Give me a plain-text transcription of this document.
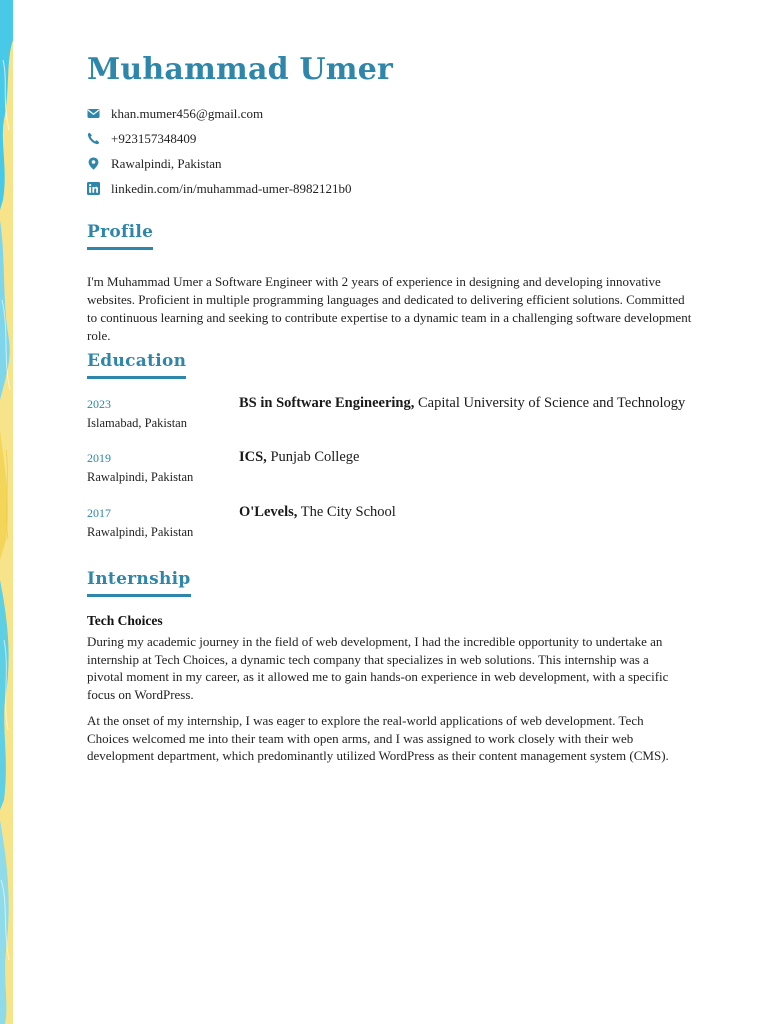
Muhammad Umer
khan.mumer456@gmail.com
+923157348409
Rawalpindi, Pakistan
linkedin.com/in/muhammad-umer-8982121b0
Profile

I'm Muhammad Umer a Software Engineer with 2 years of experience in designing and developing innovative websites. Proficient in multiple programming languages and dedicated to delivering efficient solutions. Committed to continuous learning and seeking to contribute expertise to a dynamic team in a challenging software development role.

Education
2023
Islamabad, Pakistan
BS in Software Engineering, Capital University of Science and Technology
2019
Rawalpindi, Pakistan
ICS, Punjab College
2017
Rawalpindi, Pakistan
O'Levels, The City School
Internship
Tech Choices

During my academic journey in the field of web development, I had the incredible opportunity to undertake an internship at Tech Choices, a dynamic tech company that specializes in web solutions. This internship was a pivotal moment in my career, as it allowed me to gain hands-on experience in web development, with a specific focus on WordPress.

At the onset of my internship, I was eager to explore the real-world applications of web development. Tech Choices welcomed me into their team with open arms, and I was assigned to work closely with their web development department, which predominantly utilized WordPress as their content management system (CMS).
